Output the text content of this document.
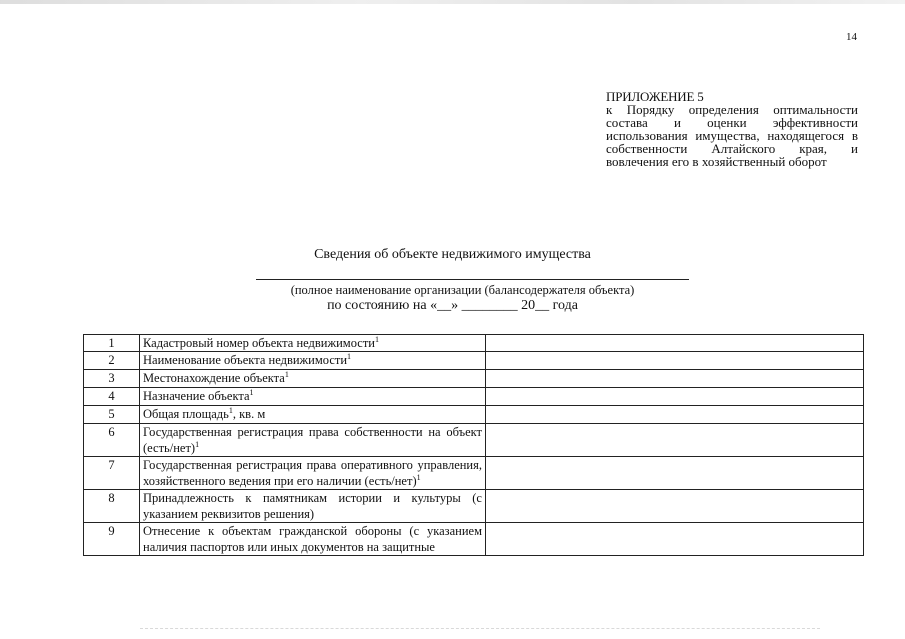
14
ПРИЛОЖЕНИЕ 5
к Порядку определения оптимальности состава и оценки эффективности использования имущества, находящегося в собственности Алтайского края, и вовлечения его в хозяйственный оборот
Сведения об объекте недвижимого имущества
(полное наименование организации (балансодержателя объекта)
по состоянию на «__» ________ 20__ года
1	Кадастровый номер объекта недвижимости$^1$	
2	Наименование объекта недвижимости$^1$	
3	Местонахождение объекта$^1$	
4	Назначение объекта$^1$	
5	Общая площадь$^1$, кв. м	
6	Государственная регистрация права собственности на объект (есть/нет)$^1$	
7	Государственная регистрация права оперативного управления, хозяйственного ведения при его наличии (есть/нет)$^1$	
8	Принадлежность к памятникам истории и культуры (с указанием реквизитов решения)	
9	Отнесение к объектам гражданской обороны (с указанием наличия паспортов или иных документов на защитные	
